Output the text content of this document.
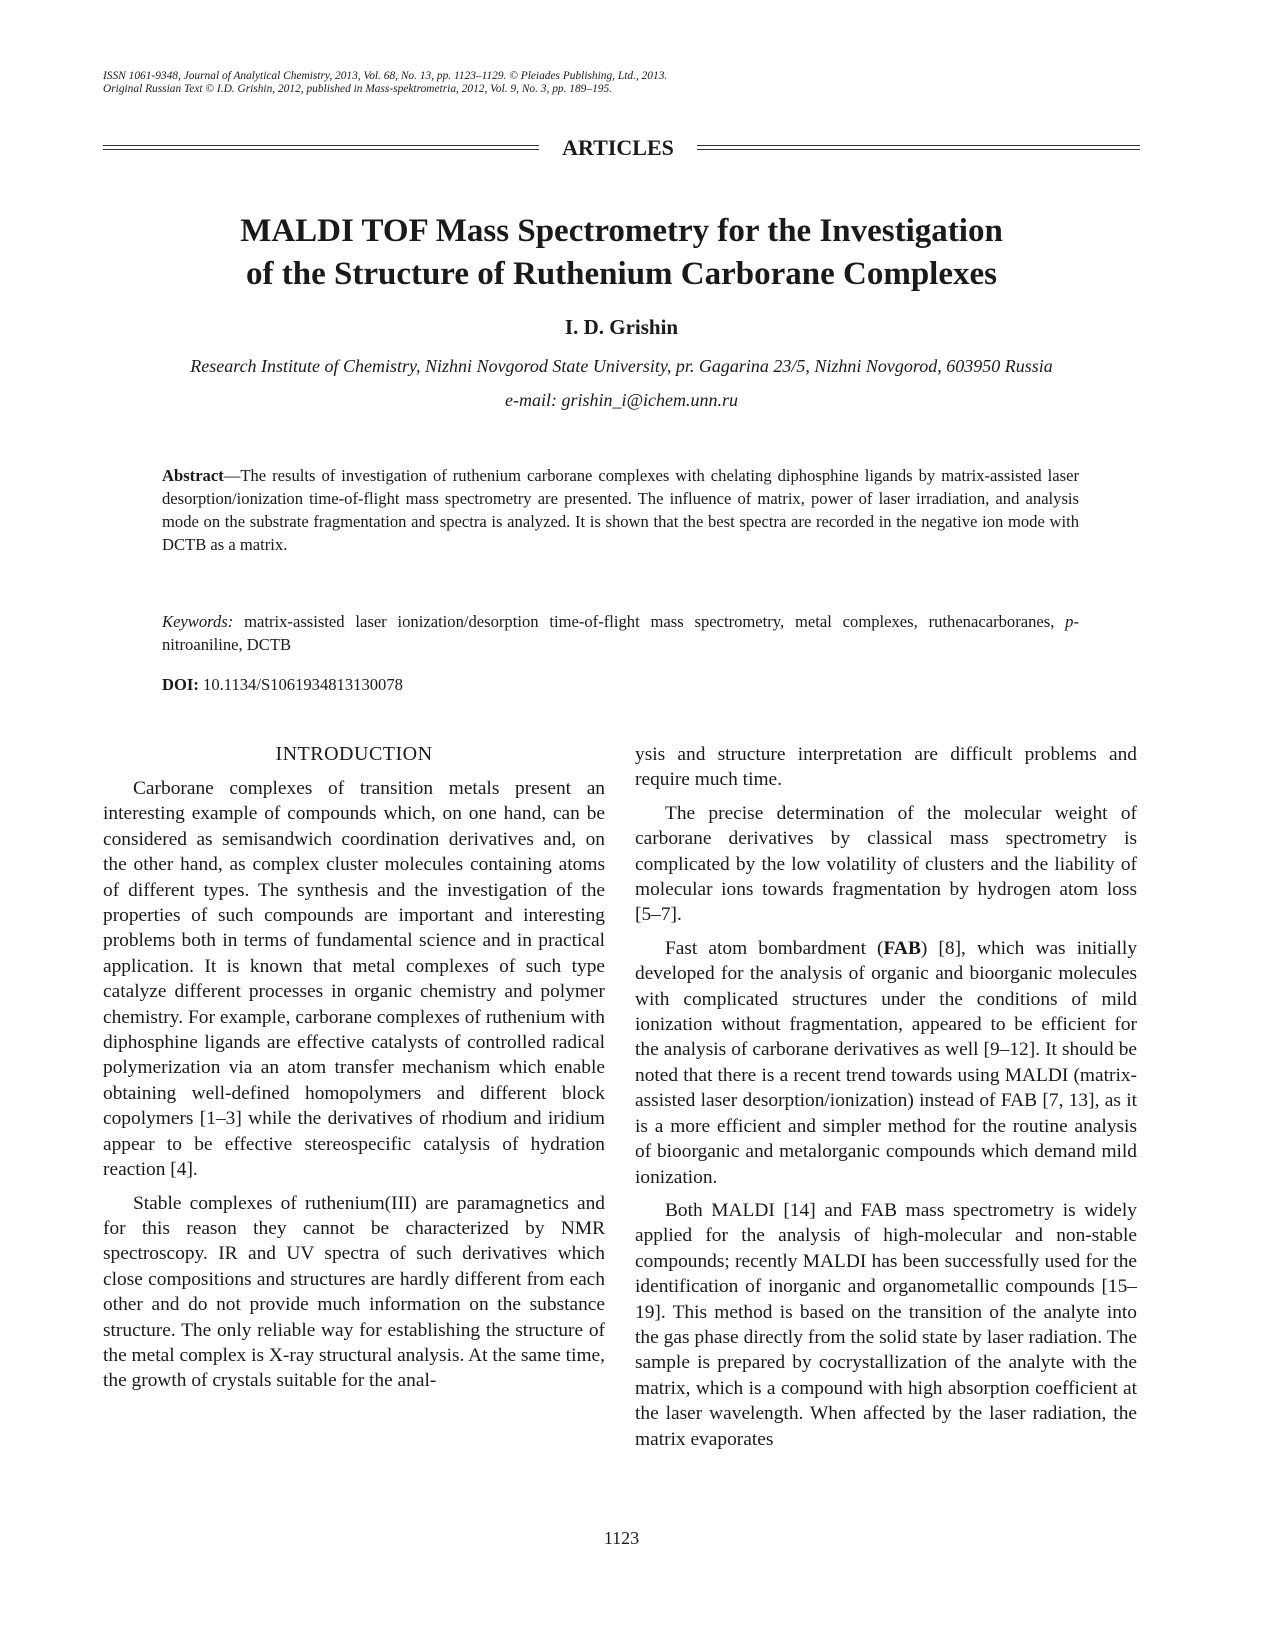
ISSN 1061-9348, Journal of Analytical Chemistry, 2013, Vol. 68, No. 13, pp. 1123–1129. © Pleiades Publishing, Ltd., 2013.
Original Russian Text © I.D. Grishin, 2012, published in Mass-spektrometria, 2012, Vol. 9, No. 3, pp. 189–195.
ARTICLES
MALDI TOF Mass Spectrometry for the Investigation
of the Structure of Ruthenium Carborane Complexes
I. D. Grishin
Research Institute of Chemistry, Nizhni Novgorod State University, pr. Gagarina 23/5, Nizhni Novgorod, 603950 Russia
e-mail: grishin_i@ichem.unn.ru
Abstract—The results of investigation of ruthenium carborane complexes with chelating diphosphine ligands by matrix-assisted laser desorption/ionization time-of-flight mass spectrometry are presented. The influence of matrix, power of laser irradiation, and analysis mode on the substrate fragmentation and spectra is analyzed. It is shown that the best spectra are recorded in the negative ion mode with DCTB as a matrix.
Keywords: matrix-assisted laser ionization/desorption time-of-flight mass spectrometry, metal complexes, ruthenacarboranes, p-nitroaniline, DCTB
DOI: 10.1134/S1061934813130078
INTRODUCTION

Carborane complexes of transition metals present an interesting example of compounds which, on one hand, can be considered as semisandwich coordination derivatives and, on the other hand, as complex cluster molecules containing atoms of different types. The synthesis and the investigation of the properties of such compounds are important and interesting problems both in terms of fundamental science and in practical application. It is known that metal complexes of such type catalyze different processes in organic chemistry and polymer chemistry. For example, carborane complexes of ruthenium with diphosphine ligands are effective catalysts of controlled radical polymerization via an atom transfer mechanism which enable obtaining well-defined homopolymers and different block copolymers [1–3] while the derivatives of rhodium and iridium appear to be effective stereospecific catalysis of hydration reaction [4].

Stable complexes of ruthenium(III) are paramagnetics and for this reason they cannot be characterized by NMR spectroscopy. IR and UV spectra of such derivatives which close compositions and structures are hardly different from each other and do not provide much information on the substance structure. The only reliable way for establishing the structure of the metal complex is X-ray structural analysis. At the same time, the growth of crystals suitable for the anal-

ysis and structure interpretation are difficult problems and require much time.

The precise determination of the molecular weight of carborane derivatives by classical mass spectrometry is complicated by the low volatility of clusters and the liability of molecular ions towards fragmentation by hydrogen atom loss [5–7].

Fast atom bombardment (FAB) [8], which was initially developed for the analysis of organic and bioorganic molecules with complicated structures under the conditions of mild ionization without fragmentation, appeared to be efficient for the analysis of carborane derivatives as well [9–12]. It should be noted that there is a recent trend towards using MALDI (matrix-assisted laser desorption/ionization) instead of FAB [7, 13], as it is a more efficient and simpler method for the routine analysis of bioorganic and metalorganic compounds which demand mild ionization.

Both MALDI [14] and FAB mass spectrometry is widely applied for the analysis of high-molecular and non-stable compounds; recently MALDI has been successfully used for the identification of inorganic and organometallic compounds [15–19]. This method is based on the transition of the analyte into the gas phase directly from the solid state by laser radiation. The sample is prepared by cocrystallization of the analyte with the matrix, which is a compound with high absorption coefficient at the laser wavelength. When affected by the laser radiation, the matrix evaporates

1123
